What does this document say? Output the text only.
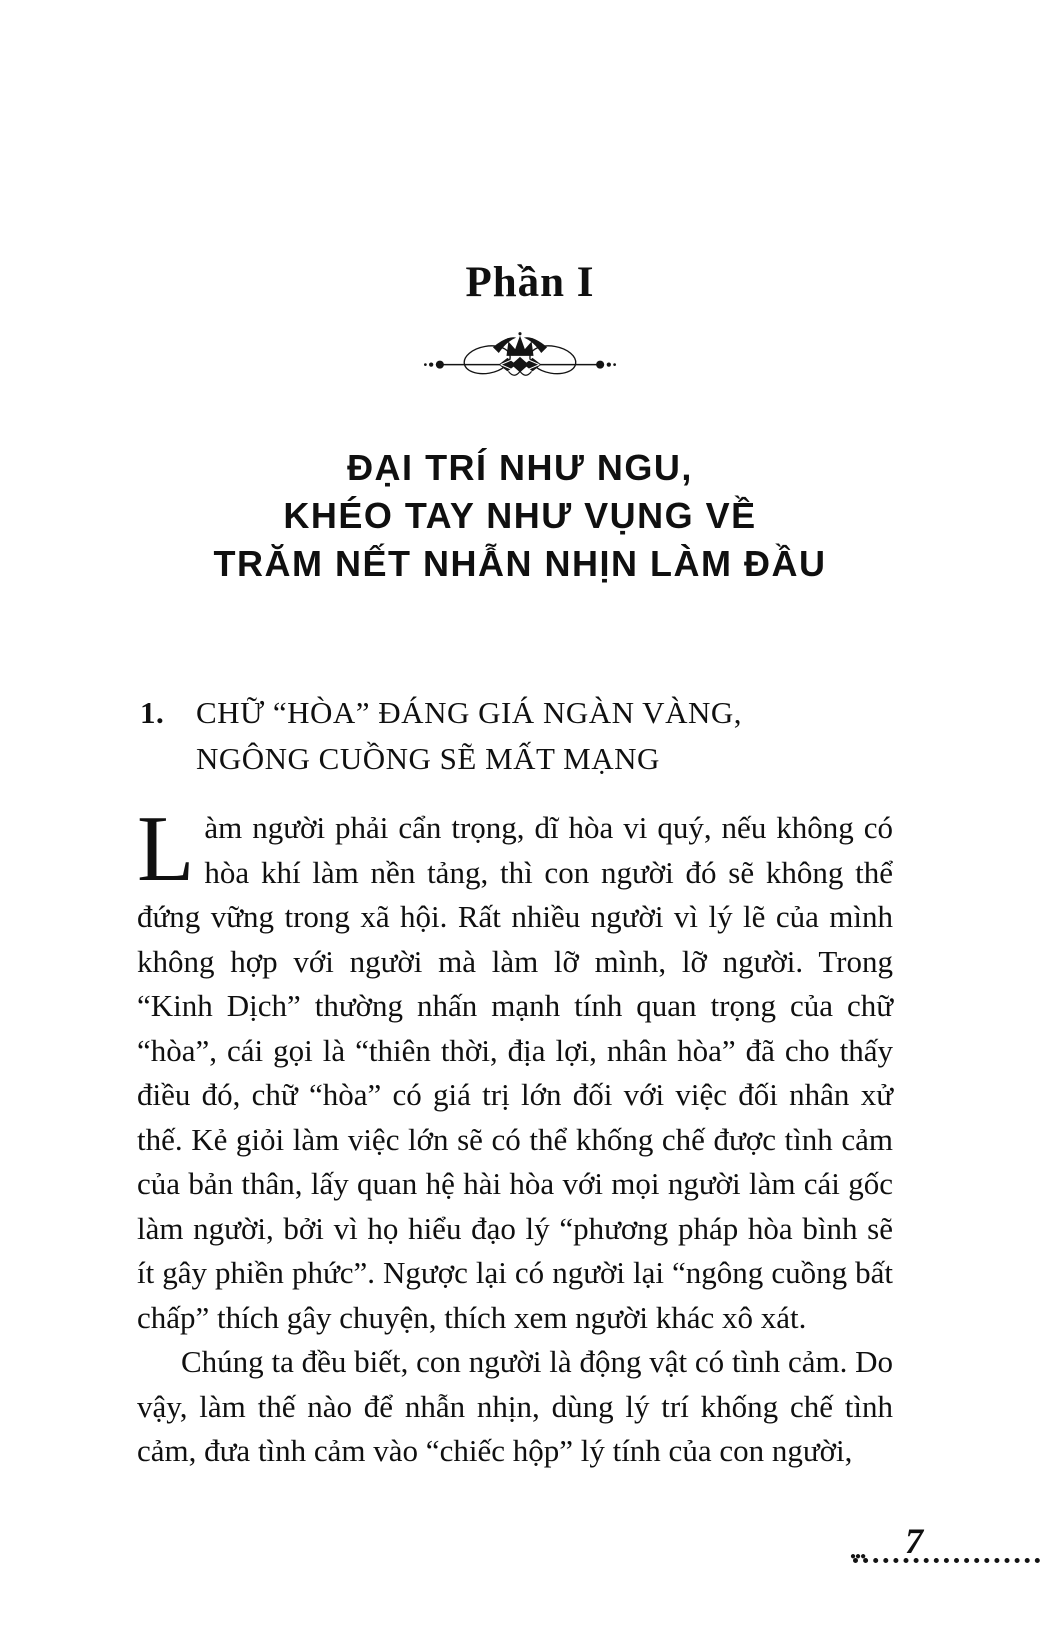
Phần I
ĐẠI TRÍ NHƯ NGU,
KHÉO TAY NHƯ VỤNG VỀ
TRĂM NẾT NHẪN NHỊN LÀM ĐẦU
1.	CHỮ “HÒA” ĐÁNG GIÁ NGÀN VÀNG,
NGÔNG CUỒNG SẼ MẤT MẠNG

Làm người phải cẩn trọng, dĩ hòa vi quý, nếu không có hòa khí làm nền tảng, thì con người đó sẽ không thể đứng vững trong xã hội. Rất nhiều người vì lý lẽ của mình không hợp với người mà làm lỡ mình, lỡ người. Trong “Kinh Dịch” thường nhấn mạnh tính quan trọng của chữ “hòa”, cái gọi là “thiên thời, địa lợi, nhân hòa” đã cho thấy điều đó, chữ “hòa” có giá trị lớn đối với việc đối nhân xử thế. Kẻ giỏi làm việc lớn sẽ có thể khống chế được tình cảm của bản thân, lấy quan hệ hài hòa với mọi người làm cái gốc làm người, bởi vì họ hiểu đạo lý “phương pháp hòa bình sẽ ít gây phiền phức”. Ngược lại có người lại “ngông cuồng bất chấp” thích gây chuyện, thích xem người khác xô xát.

Chúng ta đều biết, con người là động vật có tình cảm. Do vậy, làm thế nào để nhẫn nhịn, dùng lý trí khống chế tình cảm, đưa tình cảm vào “chiếc hộp” lý tính của con người,

7
●●●
